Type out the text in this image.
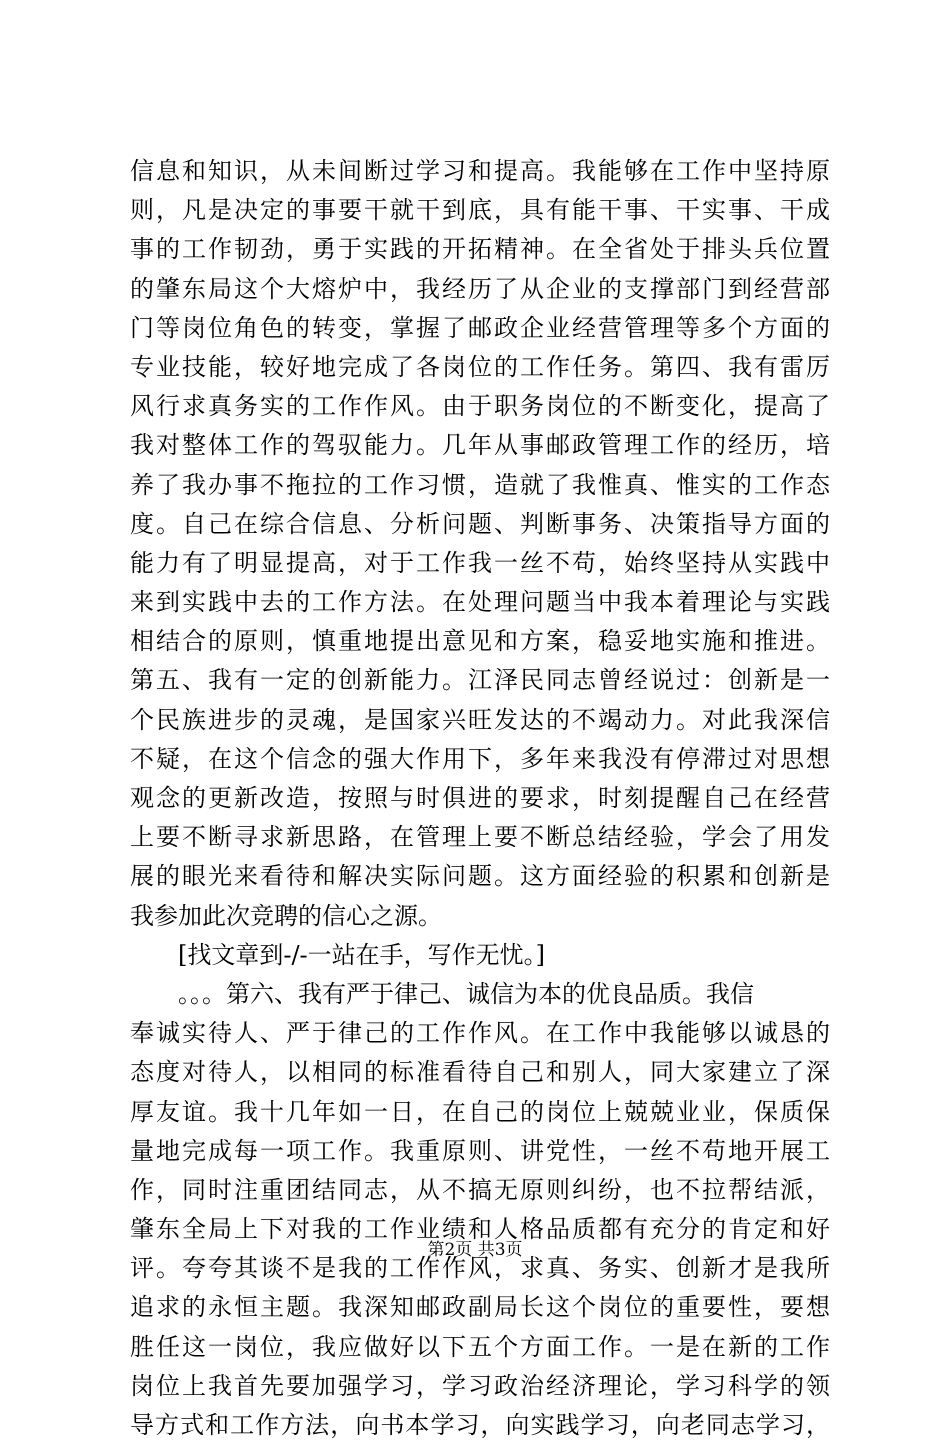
信息和知识，从未间断过学习和提高。我能够在工作中坚持原
则，凡是决定的事要干就干到底，具有能干事、干实事、干成
事的工作韧劲，勇于实践的开拓精神。在全省处于排头兵位置
的肇东局这个大熔炉中，我经历了从企业的支撑部门到经营部
门等岗位角色的转变，掌握了邮政企业经营管理等多个方面的
专业技能，较好地完成了各岗位的工作任务。第四、我有雷厉
风行求真务实的工作作风。由于职务岗位的不断变化，提高了
我对整体工作的驾驭能力。几年从事邮政管理工作的经历，培
养了我办事不拖拉的工作习惯，造就了我惟真、惟实的工作态
度。自己在综合信息、分析问题、判断事务、决策指导方面的
能力有了明显提高，对于工作我一丝不苟，始终坚持从实践中
来到实践中去的工作方法。在处理问题当中我本着理论与实践
相结合的原则，慎重地提出意见和方案，稳妥地实施和推进。
第五、我有一定的创新能力。江泽民同志曾经说过：创新是一
个民族进步的灵魂，是国家兴旺发达的不竭动力。对此我深信
不疑，在这个信念的强大作用下，多年来我没有停滞过对思想
观念的更新改造，按照与时俱进的要求，时刻提醒自己在经营
上要不断寻求新思路，在管理上要不断总结经验，学会了用发
展的眼光来看待和解决实际问题。这方面经验的积累和创新是
我参加此次竞聘的信心之源。
[找文章到-/-一站在手，写作无忧。]
。。。第六、我有严于律己、诚信为本的优良品质。我信
奉诚实待人、严于律己的工作作风。在工作中我能够以诚恳的
态度对待人，以相同的标准看待自己和别人，同大家建立了深
厚友谊。我十几年如一日，在自己的岗位上兢兢业业，保质保
量地完成每一项工作。我重原则、讲党性，一丝不苟地开展工
作，同时注重团结同志，从不搞无原则纠纷，也不拉帮结派，
肇东全局上下对我的工作业绩和人格品质都有充分的肯定和好
评。夸夸其谈不是我的工作作风，求真、务实、创新才是我所
追求的永恒主题。我深知邮政副局长这个岗位的重要性，要想
胜任这一岗位，我应做好以下五个方面工作。一是在新的工作
岗位上我首先要加强学习，学习政治经济理论，学习科学的领
导方式和工作方法，向书本学习，向实践学习，向老同志学习，
第2页 共3页
